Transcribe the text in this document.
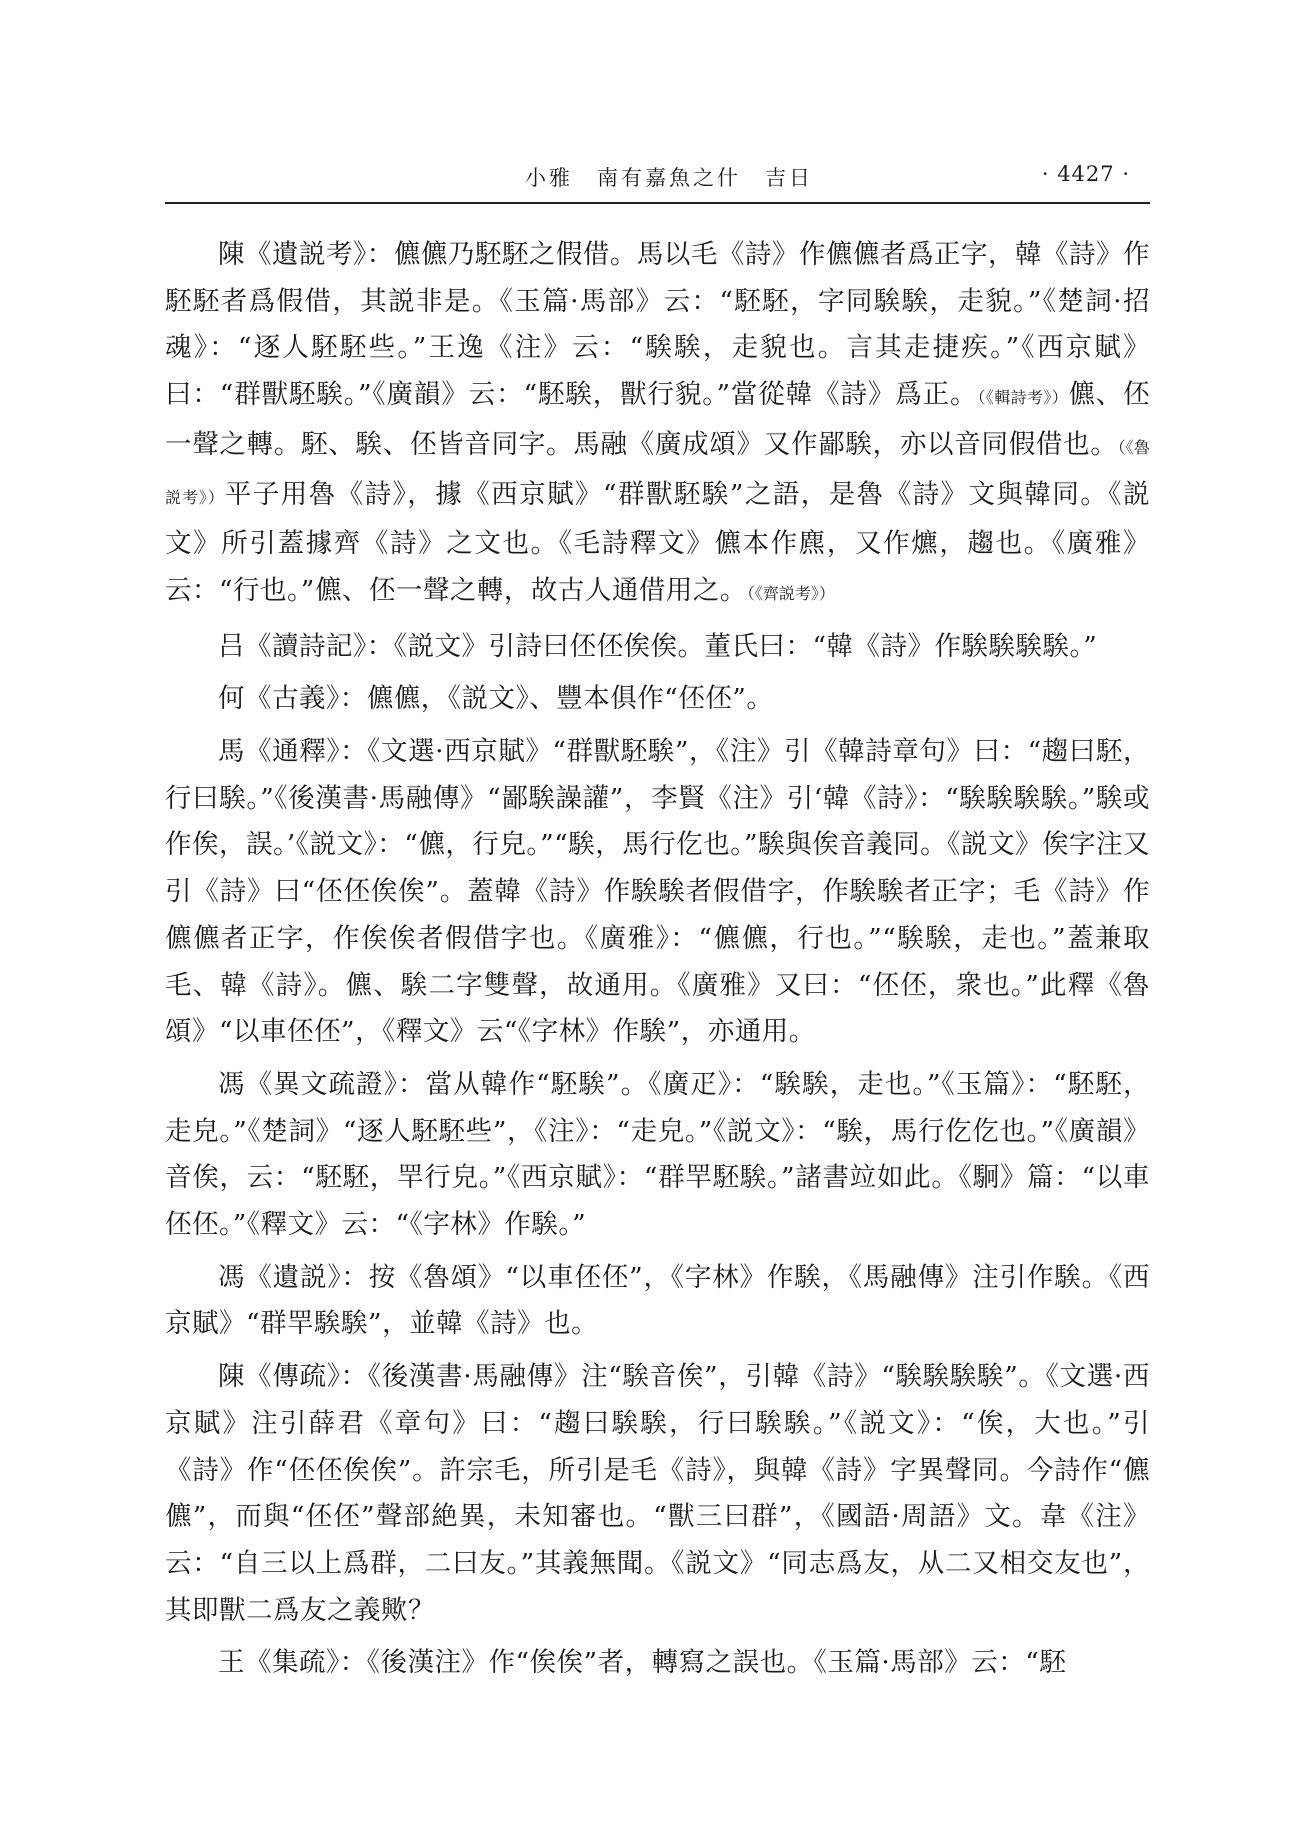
小雅　南有嘉魚之什　吉日	· 4427 ·

陳《遺説考》：儦儦乃駓駓之假借。馬以毛《詩》作儦儦者爲正字，韓《詩》作駓駓者爲假借，其説非是。《玉篇·馬部》云：“駓駓，字同騃騃，走貌。”《楚詞·招魂》：“逐人駓駓些。”王逸《注》云：“騃騃，走貌也。言其走捷疾。”《西京賦》曰：“群獸駓騃。”《廣韻》云：“駓騃，獸行貌。”當從韓《詩》爲正。（《輯詩考》）儦、伾一聲之轉。駓、騃、伾皆音同字。馬融《廣成頌》又作鄙騃，亦以音同假借也。（《魯説考》）平子用魯《詩》，據《西京賦》“群獸駓騃”之語，是魯《詩》文與韓同。《説文》所引蓋據齊《詩》之文也。《毛詩釋文》儦本作麃，又作爊，趨也。《廣雅》云：“行也。”儦、伾一聲之轉，故古人通借用之。（《齊説考》）

吕《讀詩記》：《説文》引詩曰伾伾俟俟。董氏曰：“韓《詩》作騃騃騃騃。”

何《古義》：儦儦，《説文》、豐本俱作“伾伾”。

馬《通釋》：《文選·西京賦》“群獸駓騃”，《注》引《韓詩章句》曰：“趨曰駓，行曰騃。”《後漢書·馬融傳》“鄙騃譟讙”，李賢《注》引‘韓《詩》：“騃騃騃騃。”騃或作俟，誤。’《説文》：“儦，行皃。”“騃，馬行仡也。”騃與俟音義同。《説文》俟字注又引《詩》曰“伾伾俟俟”。蓋韓《詩》作騃騃者假借字，作騃騃者正字；毛《詩》作儦儦者正字，作俟俟者假借字也。《廣雅》：“儦儦，行也。”“騃騃，走也。”蓋兼取毛、韓《詩》。儦、騃二字雙聲，故通用。《廣雅》又曰：“伾伾，衆也。”此釋《魯頌》“以車伾伾”，《釋文》云“《字林》作騃”，亦通用。

馮《異文疏證》：當从韓作“駓騃”。《廣疋》：“騃騃，走也。”《玉篇》：“駓駓，走皃。”《楚詞》“逐人駓駓些”，《注》：“走皃。”《説文》：“騃，馬行仡仡也。”《廣韻》音俟，云：“駓駓，䍐行皃。”《西京賦》：“群䍐駓騃。”諸書竝如此。《駉》篇：“以車伾伾。”《釋文》云：“《字林》作騃。”

馮《遺説》：按《魯頌》“以車伾伾”，《字林》作騃，《馬融傳》注引作騃。《西京賦》“群䍐騃騃”，並韓《詩》也。

陳《傳疏》：《後漢書·馬融傳》注“騃音俟”，引韓《詩》“騃騃騃騃”。《文選·西京賦》注引薛君《章句》曰：“趨曰騃騃，行曰騃騃。”《説文》：“俟，大也。”引《詩》作“伾伾俟俟”。許宗毛，所引是毛《詩》，與韓《詩》字異聲同。今詩作“儦儦”，而與“伾伾”聲部絶異，未知審也。“獸三曰群”，《國語·周語》文。韋《注》云：“自三以上爲群，二曰友。”其義無聞。《説文》“同志爲友，从二又相交友也”，其即獸二爲友之義歟？

王《集疏》：《後漢注》作“俟俟”者，轉寫之誤也。《玉篇·馬部》云：“駓
